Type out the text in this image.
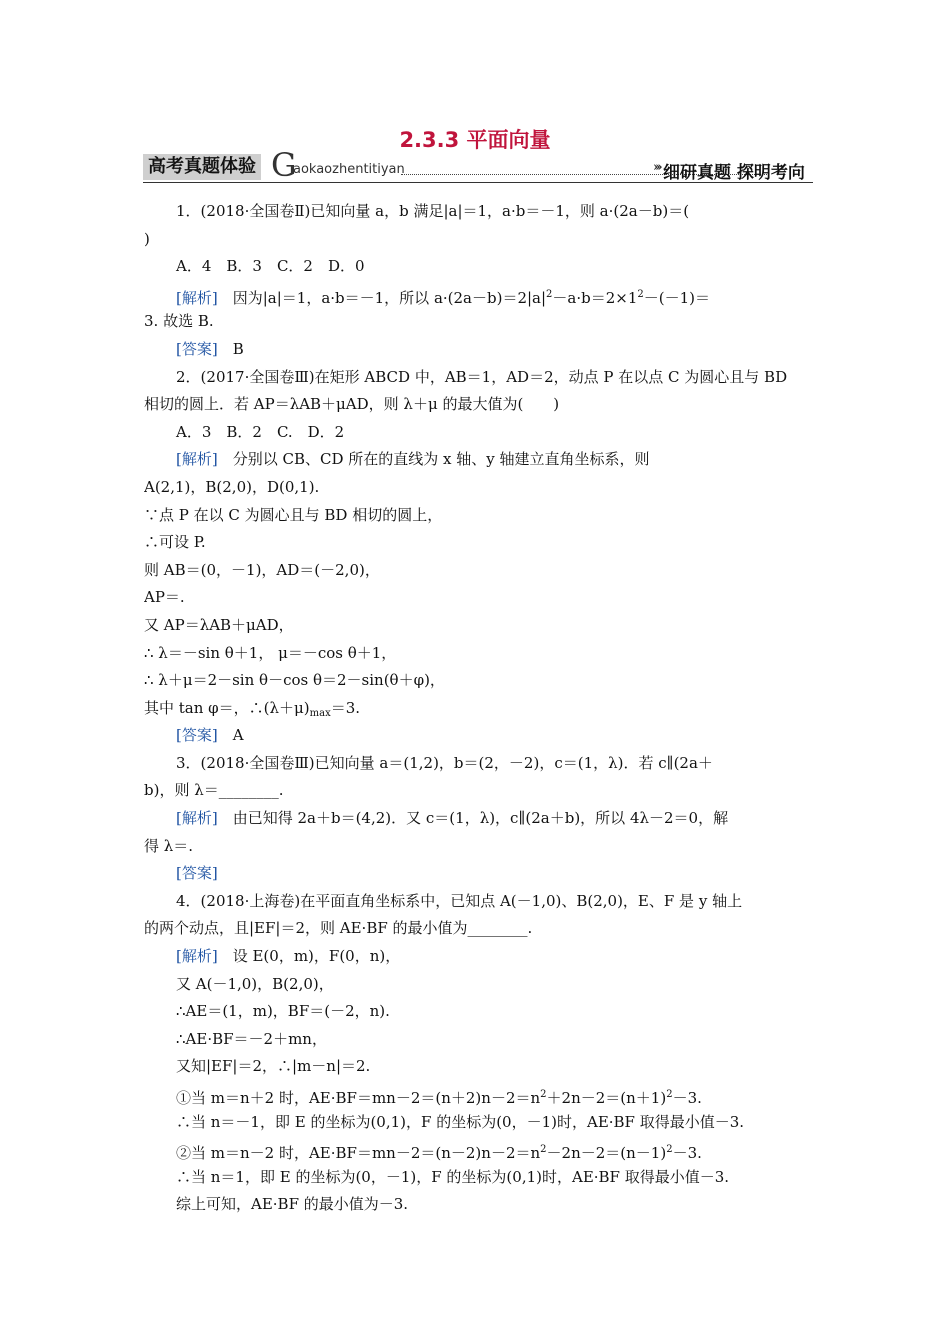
2.3.3 平面向量
高考真题体验 G
aokaozhentitiyan	››› 细研真题 探明考向
1．(2018·全国卷Ⅱ)已知向量 a，b 满足|a|＝1，a·b＝－1，则 a·(2a－b)＝(
)
A．4　B．3　C．2　D．0
[解析]　因为|a|＝1，a·b＝－1，所以 $a\cdot(2a-b)=2|a|^2-a\cdot b=2\times 1^2-(-1)=$
3. 故选 B.
[答案]　B
2．(2017·全国卷Ⅲ)在矩形 ABCD 中，AB＝1，AD＝2，动点 P 在以点 C 为圆心且与 BD
相切的圆上．若 AP＝λAB＋μAD，则 λ＋μ 的最大值为(　　)
A．3　B．2　C.　D．2
[解析]　分别以 CB、CD 所在的直线为 x 轴、y 轴建立直角坐标系，则
A(2,1)，B(2,0)，D(0,1).
∵点 P 在以 C 为圆心且与 BD 相切的圆上，
∴可设 P.
则 AB＝(0，－1)，AD＝(－2,0)，
AP＝.
又 AP＝λAB＋μAD，
∴ λ＝－sin θ＋1， μ＝－cos θ＋1，
∴ λ＋μ＝2－sin θ－cos θ＝2－sin(θ＋φ)，
其中 tan φ＝，$\therefore(\lambda+\mu)_{max}=3$.
[答案]　A
3．(2018·全国卷Ⅲ)已知向量 a＝(1,2)，b＝(2，－2)，c＝(1，λ)．若 c∥(2a＋
b)，则 λ＝________.
[解析]　由已知得 2a＋b＝(4,2)．又 c＝(1，λ)，c∥(2a＋b)，所以 4λ－2＝0，解
得 λ＝.
[答案]
4．(2018·上海卷)在平面直角坐标系中，已知点 A(－1,0)、B(2,0)，E、F 是 y 轴上
的两个动点，且|EF|＝2，则 AE·BF 的最小值为________.
[解析]　设 E(0，m)，F(0，n)，
又 A(－1,0)，B(2,0)，
∴AE＝(1，m)，BF＝(－2，n).
∴AE·BF＝－2＋mn，
又知|EF|＝2，∴|m－n|＝2.
①当 m＝n＋2 时，$AE\cdot BF=mn-2=(n+2)n-2=n^2+2n-2=(n+1)^2-3$.
∴当 n＝－1，即 E 的坐标为(0,1)，F 的坐标为(0，－1)时，AE·BF 取得最小值－3.
②当 m＝n－2 时，$AE\cdot BF=mn-2=(n-2)n-2=n^2-2n-2=(n-1)^2-3$.
∴当 n＝1，即 E 的坐标为(0，－1)，F 的坐标为(0,1)时，AE·BF 取得最小值－3.
综上可知，AE·BF 的最小值为－3.
